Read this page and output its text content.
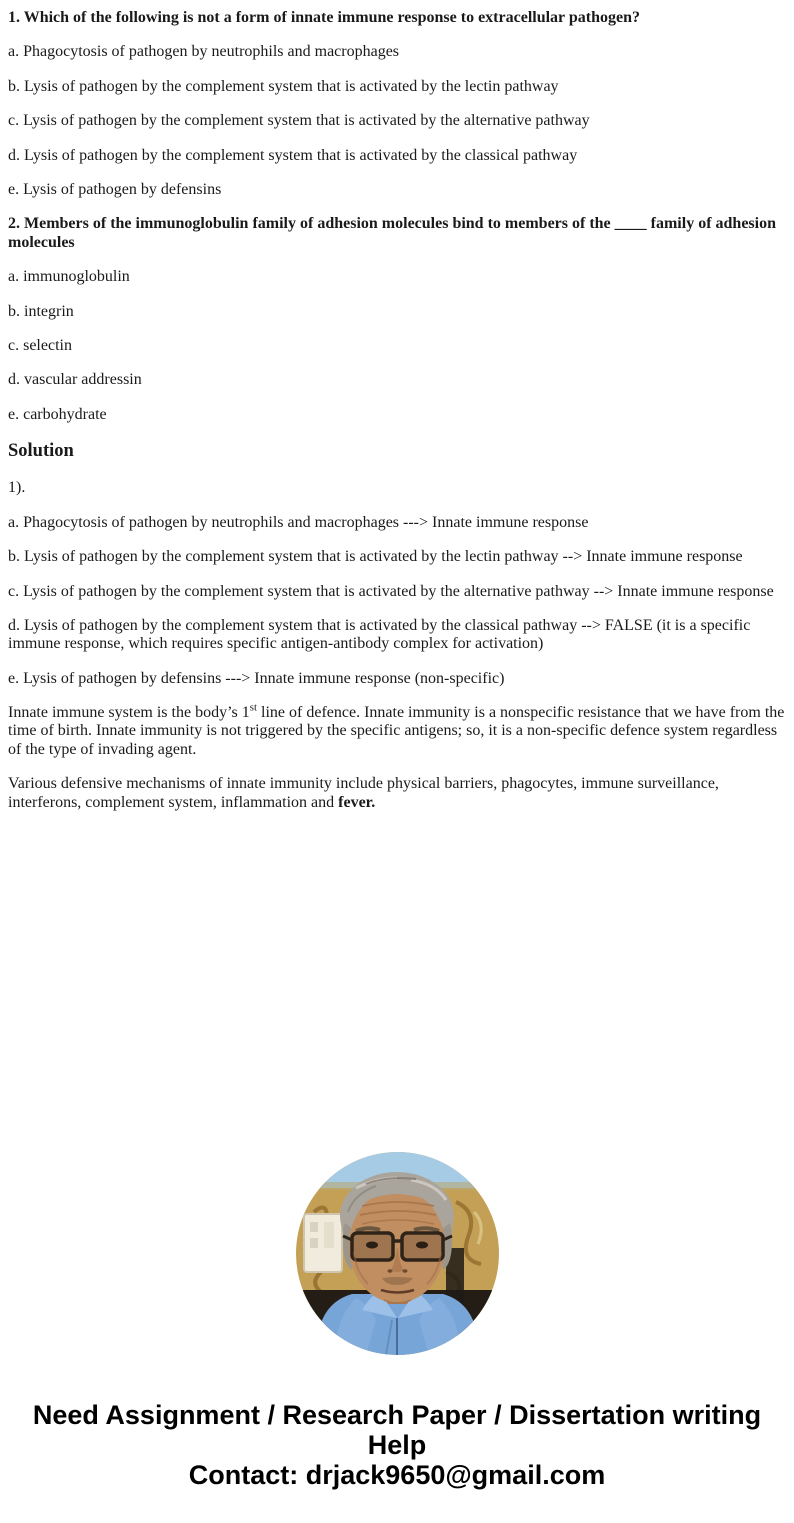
1. Which of the following is not a form of innate immune response to extracellular pathogen?

a. Phagocytosis of pathogen by neutrophils and macrophages

b. Lysis of pathogen by the complement system that is activated by the lectin pathway

c. Lysis of pathogen by the complement system that is activated by the alternative pathway

d. Lysis of pathogen by the complement system that is activated by the classical pathway

e. Lysis of pathogen by defensins

2. Members of the immunoglobulin family of adhesion molecules bind to members of the ____ family of adhesion molecules

a. immunoglobulin

b. integrin

c. selectin

d. vascular addressin

e. carbohydrate

Solution

1).

a. Phagocytosis of pathogen by neutrophils and macrophages ---> Innate immune response

b. Lysis of pathogen by the complement system that is activated by the lectin pathway --> Innate immune response

c. Lysis of pathogen by the complement system that is activated by the alternative pathway --> Innate immune response

d. Lysis of pathogen by the complement system that is activated by the classical pathway --> FALSE (it is a specific immune response, which requires specific antigen-antibody complex for activation)

e. Lysis of pathogen by defensins ---> Innate immune response (non-specific)

Innate immune system is the body’s 1st line of defence. Innate immunity is a nonspecific resistance that we have from the time of birth. Innate immunity is not triggered by the specific antigens; so, it is a non-specific defence system regardless of the type of invading agent.

Various defensive mechanisms of innate immunity include physical barriers, phagocytes, immune surveillance, interferons, complement system, inflammation and fever.

Need Assignment / Research Paper / Dissertation writing Help
Contact: drjack9650@gmail.com
